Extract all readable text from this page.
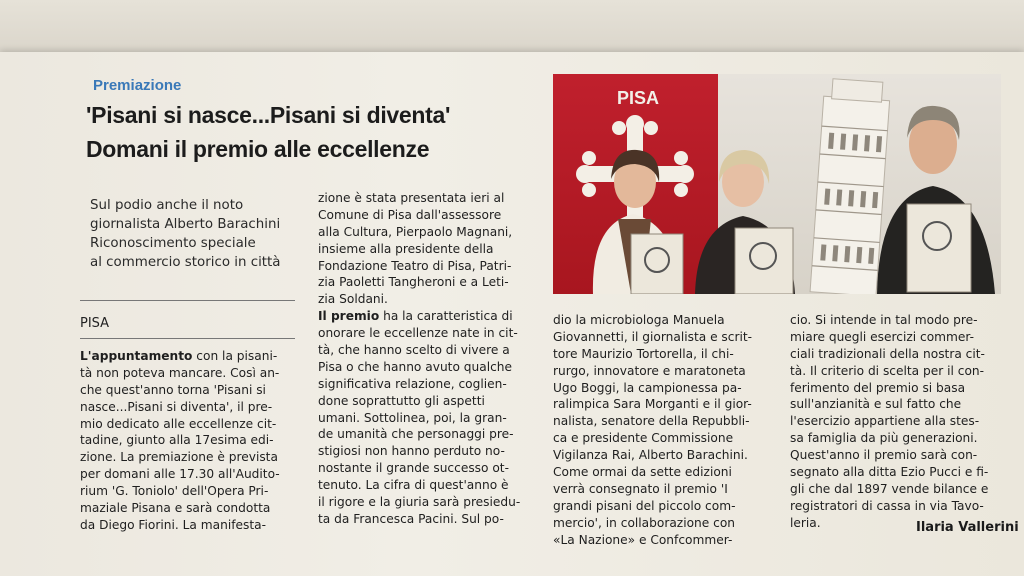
Premiazione
'Pisani si nasce...Pisani si diventa'
Domani il premio alle eccellenze
Sul podio anche il noto
giornalista Alberto Barachini
Riconoscimento speciale
al commercio storico in città
PISA
PISA
L'appuntamento con la pisani-
tà non poteva mancare. Così an-
che quest'anno torna 'Pisani si
nasce...Pisani si diventa', il pre-
mio dedicato alle eccellenze cit-
tadine, giunto alla 17esima edi-
zione. La premiazione è prevista
per domani alle 17.30 all'Audito-
rium 'G. Toniolo' dell'Opera Pri-
maziale Pisana e sarà condotta
da Diego Fiorini. La manifesta-
zione è stata presentata ieri al
Comune di Pisa dall'assessore
alla Cultura, Pierpaolo Magnani,
insieme alla presidente della
Fondazione Teatro di Pisa, Patri-
zia Paoletti Tangheroni e a Leti-
zia Soldani.
Il premio ha la caratteristica di
onorare le eccellenze nate in cit-
tà, che hanno scelto di vivere a
Pisa o che hanno avuto qualche
significativa relazione, coglien-
done soprattutto gli aspetti
umani. Sottolinea, poi, la gran-
de umanità che personaggi pre-
stigiosi non hanno perduto no-
nostante il grande successo ot-
tenuto. La cifra di quest'anno è
il rigore e la giuria sarà presiedu-
ta da Francesca Pacini. Sul po-
dio la microbiologa Manuela
Giovannetti, il giornalista e scrit-
tore Maurizio Tortorella, il chi-
rurgo, innovatore e maratoneta
Ugo Boggi, la campionessa pa-
ralimpica Sara Morganti e il gior-
nalista, senatore della Repubbli-
ca e presidente Commissione
Vigilanza Rai, Alberto Barachini.
Come ormai da sette edizioni
verrà consegnato il premio 'I
grandi pisani del piccolo com-
mercio', in collaborazione con
«La Nazione» e Confcommer-
cio. Si intende in tal modo pre-
miare quegli esercizi commer-
ciali tradizionali della nostra cit-
tà. Il criterio di scelta per il con-
ferimento del premio si basa
sull'anzianità e sul fatto che
l'esercizio appartiene alla stes-
sa famiglia da più generazioni.
Quest'anno il premio sarà con-
segnato alla ditta Ezio Pucci e fi-
gli che dal 1897 vende bilance e
registratori di cassa in via Tavo-
leria.	Ilaria Vallerini
